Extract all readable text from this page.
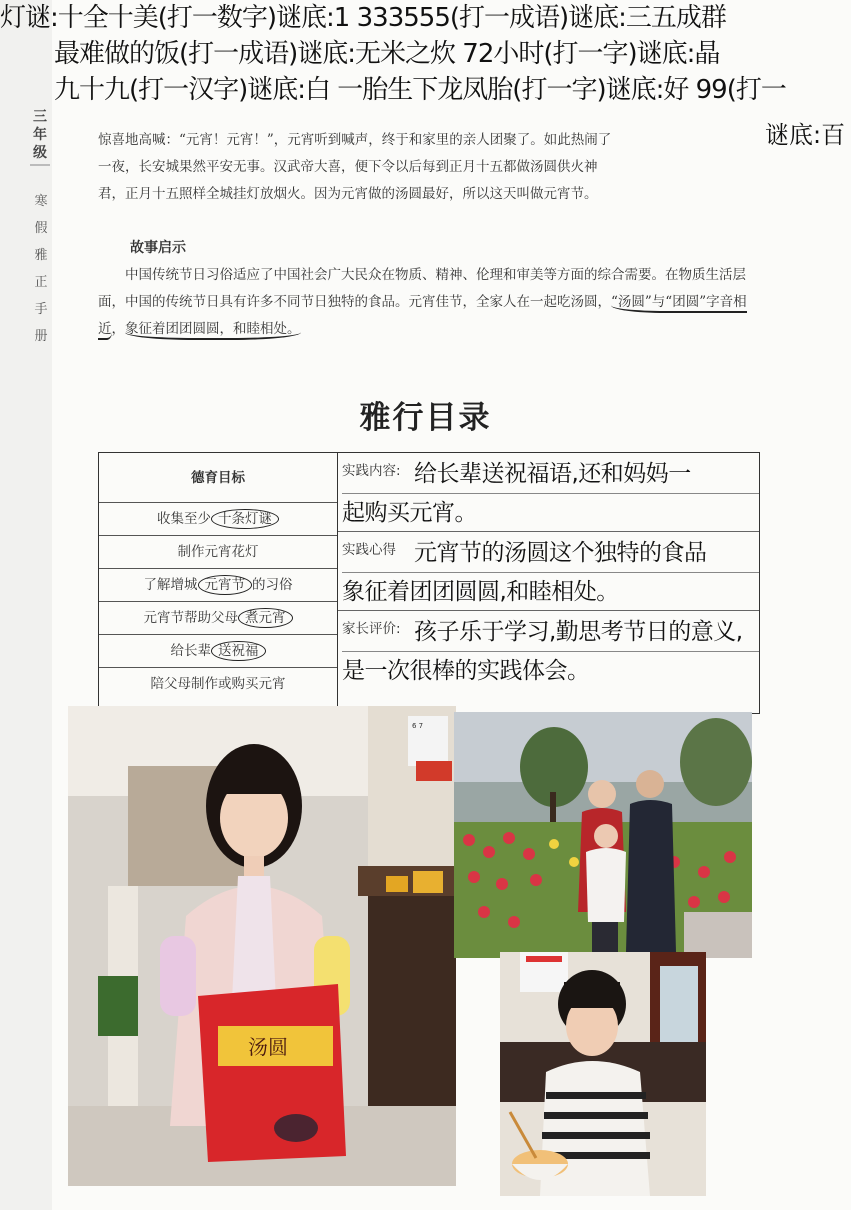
三年级
寒
假
雅
正
手
册
灯谜:十全十美(打一数字)谜底:1 333555(打一成语)谜底:三五成群
最难做的饭(打一成语)谜底:无米之炊 72小时(打一字)谜底:晶
九十九(打一汉字)谜底:白 一胎生下龙凤胎(打一字)谜底:好 99(打一
惊喜地高喊：“元宵！元宵！”，元宵听到喊声，终于和家里的亲人团聚了。如此热闹了
一夜，长安城果然平安无事。汉武帝大喜，便下令以后每到正月十五都做汤圆供火神
君，正月十五照样全城挂灯放烟火。因为元宵做的汤圆最好，所以这天叫做元宵节。
谜底:百
故事启示
中国传统节日习俗适应了中国社会广大民众在物质、精神、伦理和审美等方面的综合需要。在物质生活层面，中国的传统节日具有许多不同节日独特的食品。元宵佳节，全家人在一起吃汤圆，“汤圆”与“团圆”字音相近，象征着团团圆圆，和睦相处。
雅行目录
德育目标
收集至少 十条灯谜
制作元宵花灯
了解增城 元宵节 的习俗
元宵节帮助父母 煮元宵
给长辈 送祝福
陪父母制作或购买元宵
实践内容: 给长辈送祝福语,还和妈妈一
起购买元宵。
实践心得 元宵节的汤圆这个独特的食品
象征着团团圆圆,和睦相处。
家长评价: 孩子乐于学习,勤思考节日的意义,
是一次很棒的实践体会。
6 7
汤圆
